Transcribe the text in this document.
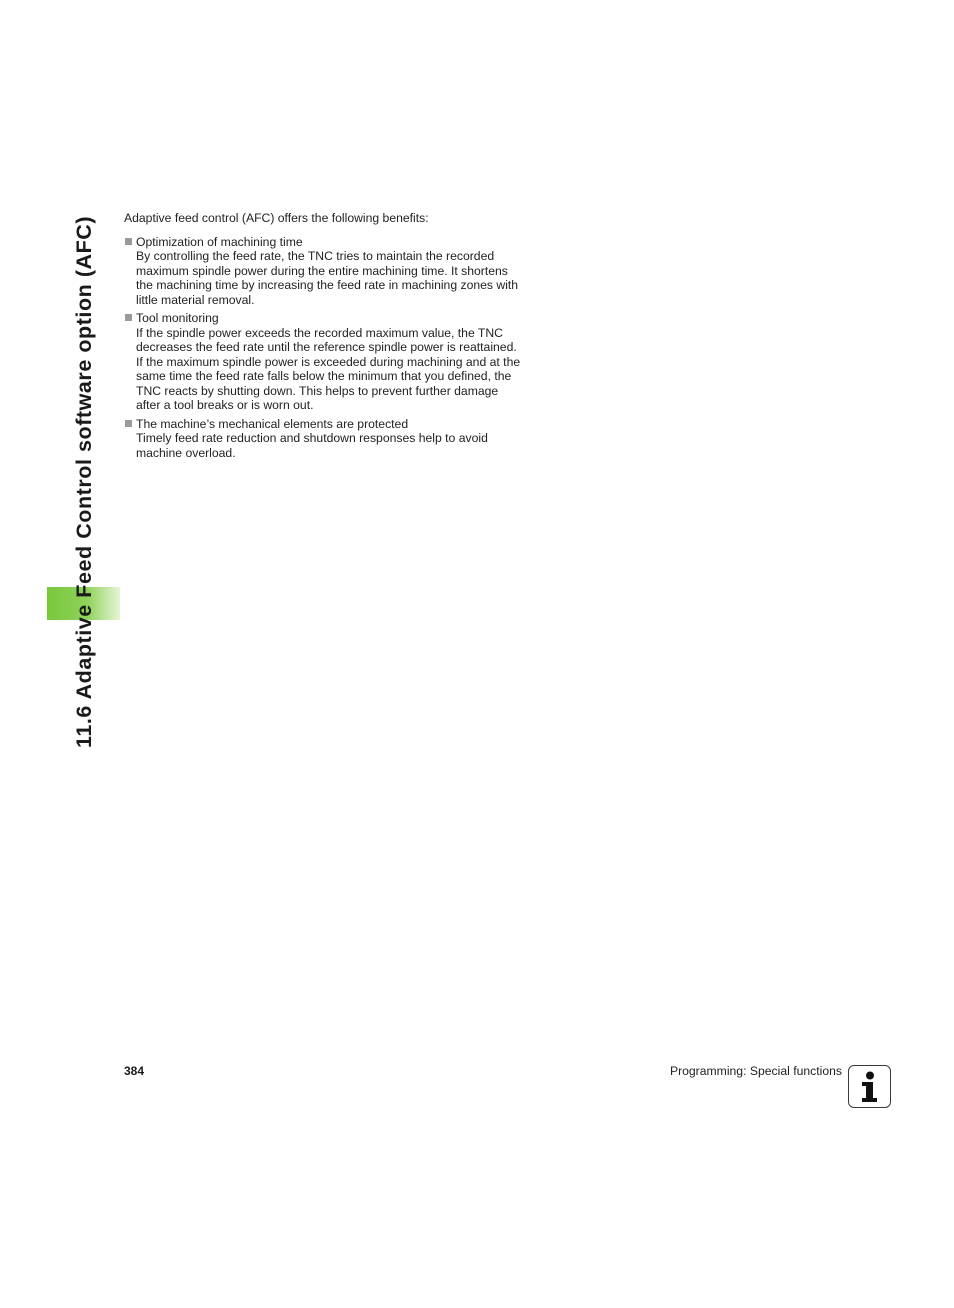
11.6 Adaptive Feed Control software option (AFC)	Adaptive feed control (AFC) offers the following benefits:

Optimization of machining time
By controlling the feed rate, the TNC tries to maintain the recorded maximum spindle power during the entire machining time. It shortens the machining time by increasing the feed rate in machining zones with little material removal.
Tool monitoring
If the spindle power exceeds the recorded maximum value, the TNC decreases the feed rate until the reference spindle power is reattained. If the maximum spindle power is exceeded during machining and at the same time the feed rate falls below the minimum that you defined, the TNC reacts by shutting down. This helps to prevent further damage after a tool breaks or is worn out.
The machine’s mechanical elements are protected
Timely feed rate reduction and shutdown responses help to avoid machine overload.
384	Programming: Special functions
